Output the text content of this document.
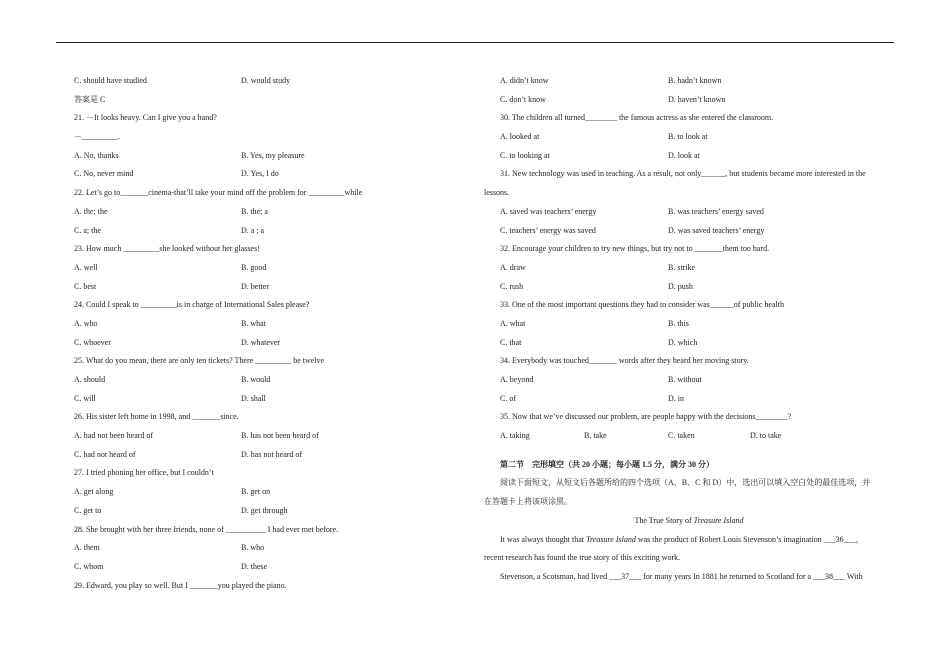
C. should have studied	D. would study
答案是 C
21. －It looks heavy. Can I give you a hand?
－_________.
A. No, thanks	B. Yes, my pleasure
C. No, never mind	D. Yes, I do
22. Let’s go to_______cinema-that’ll take your mind off the problem for _________while
A. the; the	B. the; a
C. a; the	D. a ; a
23. How much _________she looked without her glasses!
A. well	B. good
C. best	D. better
24. Could I speak to _________is in charge of International Sales please?
A. who	B. what
C. whoever	D. whatever
25. What do you mean, there are only ten tickets? There _________ be twelve
A. should	B. would
C. will	D. shall
26. His sister left home in 1998, and _______since.
A. had not been heard of	B. has not been heard of
C. had not heard of	D. has not heard of
27. I tried phoning her office, but I couldn’t
A. get along	B. get on
C. get to	D. get through
28. She brought with her three friends, none of __________ I had ever met before.
A. them	B. who
C. whom	D. these
29. Edward, you play so well. But I _______you played the piano.
A. didn’t know	B. hadn’t known
C. don’t know	D. haven’t known
30. The children all turned________ the famous actress as she entered the classroom.
A. looked at	B. to look at
C. to looking at	D. look at
31. New technology was used in teaching. As a result, not only______, but students became more interested in the
lessons.
A. saved was teachers’ energy	B. was teachers’ energy saved
C. teachers’ energy was saved	D. was saved teachers’ energy
32. Encourage your children to try new things, but try not to _______them too hard.
A. draw	B. strike
C. rush	D. push
33. One of the most important questions they had to consider was______of public health
A. what	B. this
C. that	D. which
34. Everybody was touched_______ words after they heard her moving story.
A. beyond	B. without
C. of	D. in
35. Now that we’ve discussed our problem, are people happy with the decisions________?
A. taking	B. take	C. taken	D. to take
第二节　完形填空（共 20 小题；每小题 1.5 分，满分 30 分）
阅读下面短文，从短文后各题所给的四个选项（A、B、C 和 D）中，选出可以填入空白处的最佳选项，并
在答题卡上将该项涂黑。
The True Story of Treasure Island
It was always thought that Treasure Island was the product of Robert Louis Stevenson’s imagination ___36___，
recent research has found the true story of this exciting work.
Stevenson, a Scotsman, had lived ___37___ for many years In 1881 he returned to Scotland for a ___38___ With
